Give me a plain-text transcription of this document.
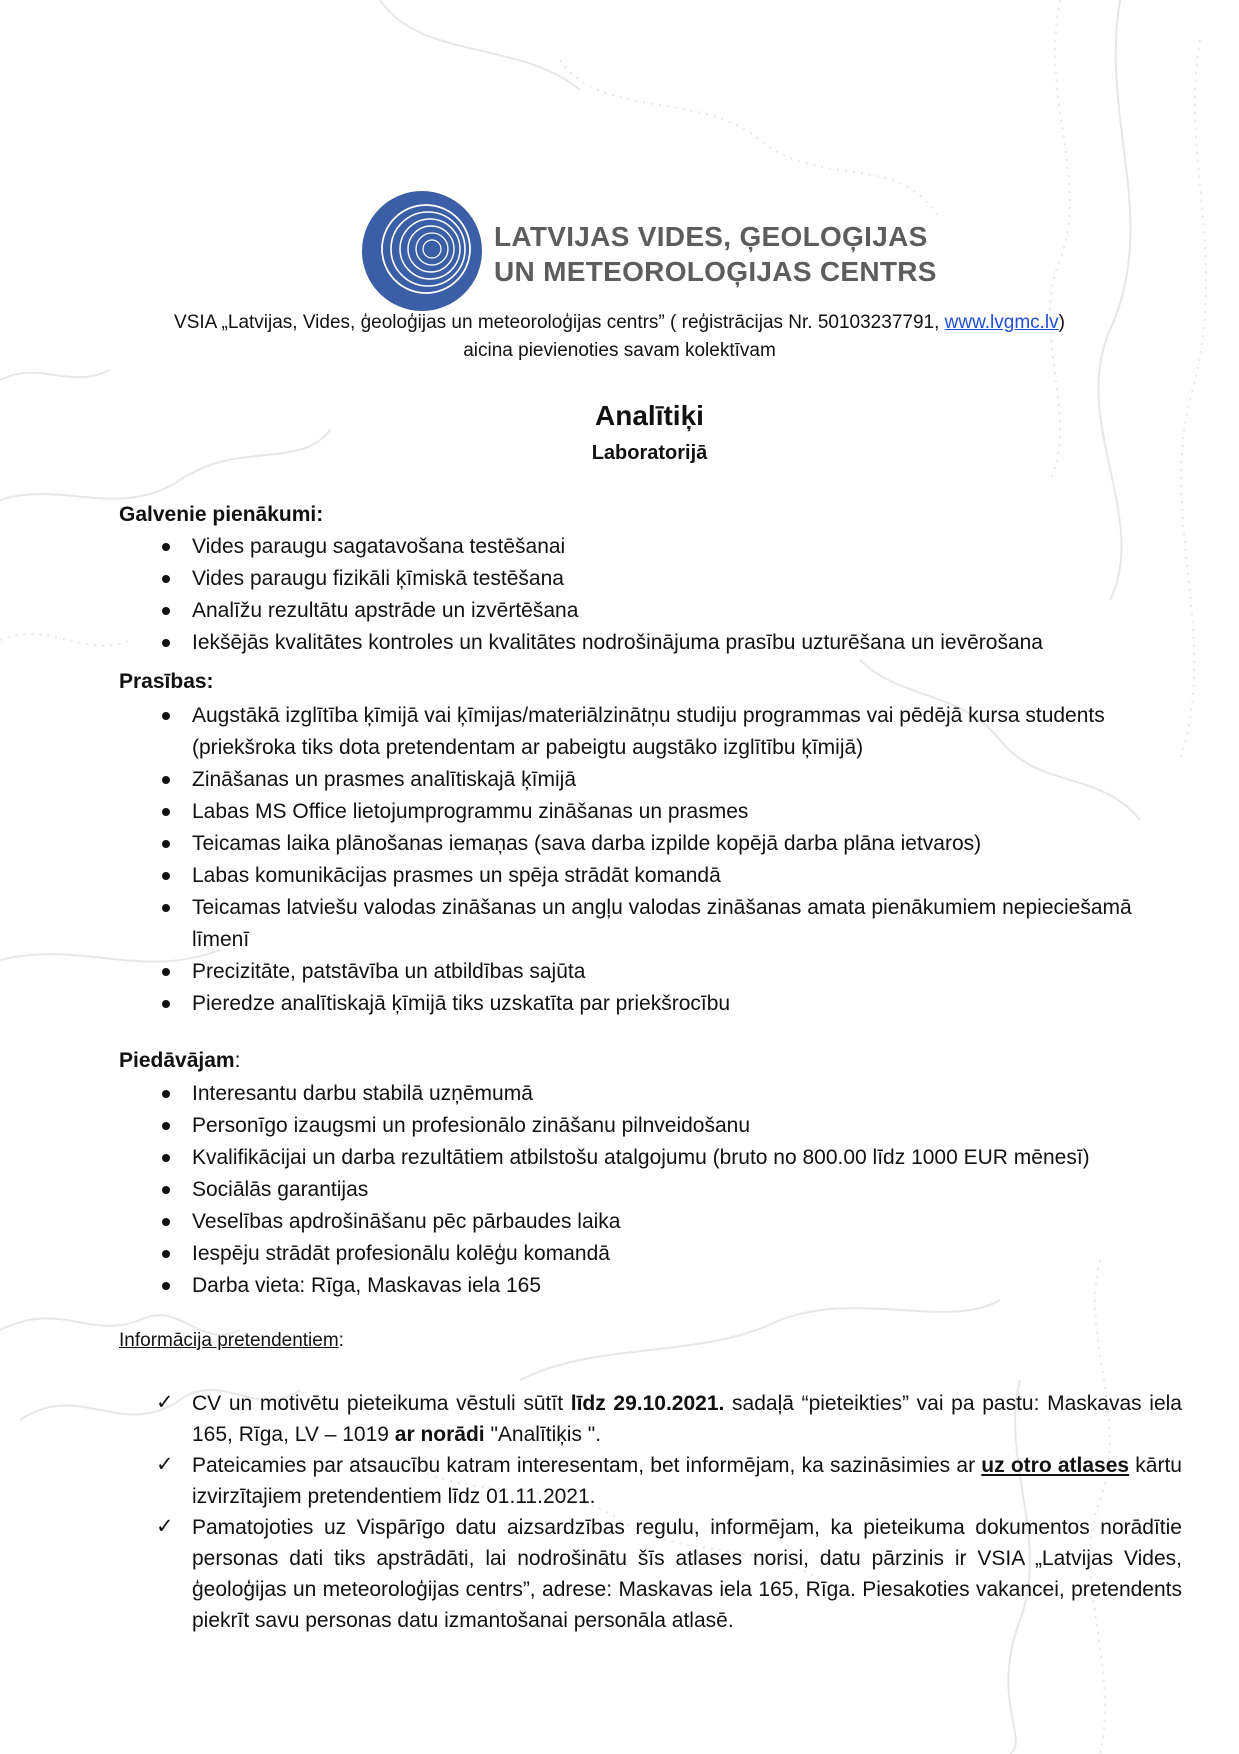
LATVIJAS VIDES, ĢEOLOĢIJAS
UN METEOROLOĢIJAS CENTRS
VSIA „Latvijas, Vides, ģeoloģijas un meteoroloģijas centrs” ( reģistrācijas Nr. 50103237791, www.lvgmc.lv)
aicina pievienoties savam kolektīvam
Analītiķi
Laboratorijā
Galvenie pienākumi:
Vides paraugu sagatavošana testēšanai
Vides paraugu fizikāli ķīmiskā testēšana
Analīžu rezultātu apstrāde un izvērtēšana
Iekšējās kvalitātes kontroles un kvalitātes nodrošinājuma prasību uzturēšana un ievērošana
Prasības:
Augstākā izglītība ķīmijā vai ķīmijas/materiālzinātņu studiju programmas vai pēdējā kursa students (priekšroka tiks dota pretendentam ar pabeigtu augstāko izglītību ķīmijā)
Zināšanas un prasmes analītiskajā ķīmijā
Labas MS Office lietojumprogrammu zināšanas un prasmes
Teicamas laika plānošanas iemaņas (sava darba izpilde kopējā darba plāna ietvaros)
Labas komunikācijas prasmes un spēja strādāt komandā
Teicamas latviešu valodas zināšanas un angļu valodas zināšanas amata pienākumiem nepieciešamā līmenī
Precizitāte, patstāvība un atbildības sajūta
Pieredze analītiskajā ķīmijā tiks uzskatīta par priekšrocību
Piedāvājam:
Interesantu darbu stabilā uzņēmumā
Personīgo izaugsmi un profesionālo zināšanu pilnveidošanu
Kvalifikācijai un darba rezultātiem atbilstošu atalgojumu (bruto no 800.00 līdz 1000 EUR mēnesī)
Sociālās garantijas
Veselības apdrošināšanu pēc pārbaudes laika
Iespēju strādāt profesionālu kolēģu komandā
Darba vieta: Rīga, Maskavas iela 165
Informācija pretendentiem:
✓ CV un motivētu pieteikuma vēstuli sūtīt līdz 29.10.2021. sadaļā “pieteikties” vai pa pastu: Maskavas iela 165, Rīga, LV – 1019 ar norādi "Analītiķis ".
✓ Pateicamies par atsaucību katram interesentam, bet informējam, ka sazināsimies ar uz otro atlases kārtu izvirzītajiem pretendentiem līdz 01.11.2021.
✓ Pamatojoties uz Vispārīgo datu aizsardzības regulu, informējam, ka pieteikuma dokumentos norādītie personas dati tiks apstrādāti, lai nodrošinātu šīs atlases norisi, datu pārzinis ir VSIA „Latvijas Vides, ģeoloģijas un meteoroloģijas centrs”, adrese: Maskavas iela 165, Rīga. Piesakoties vakancei, pretendents piekrīt savu personas datu izmantošanai personāla atlasē.
